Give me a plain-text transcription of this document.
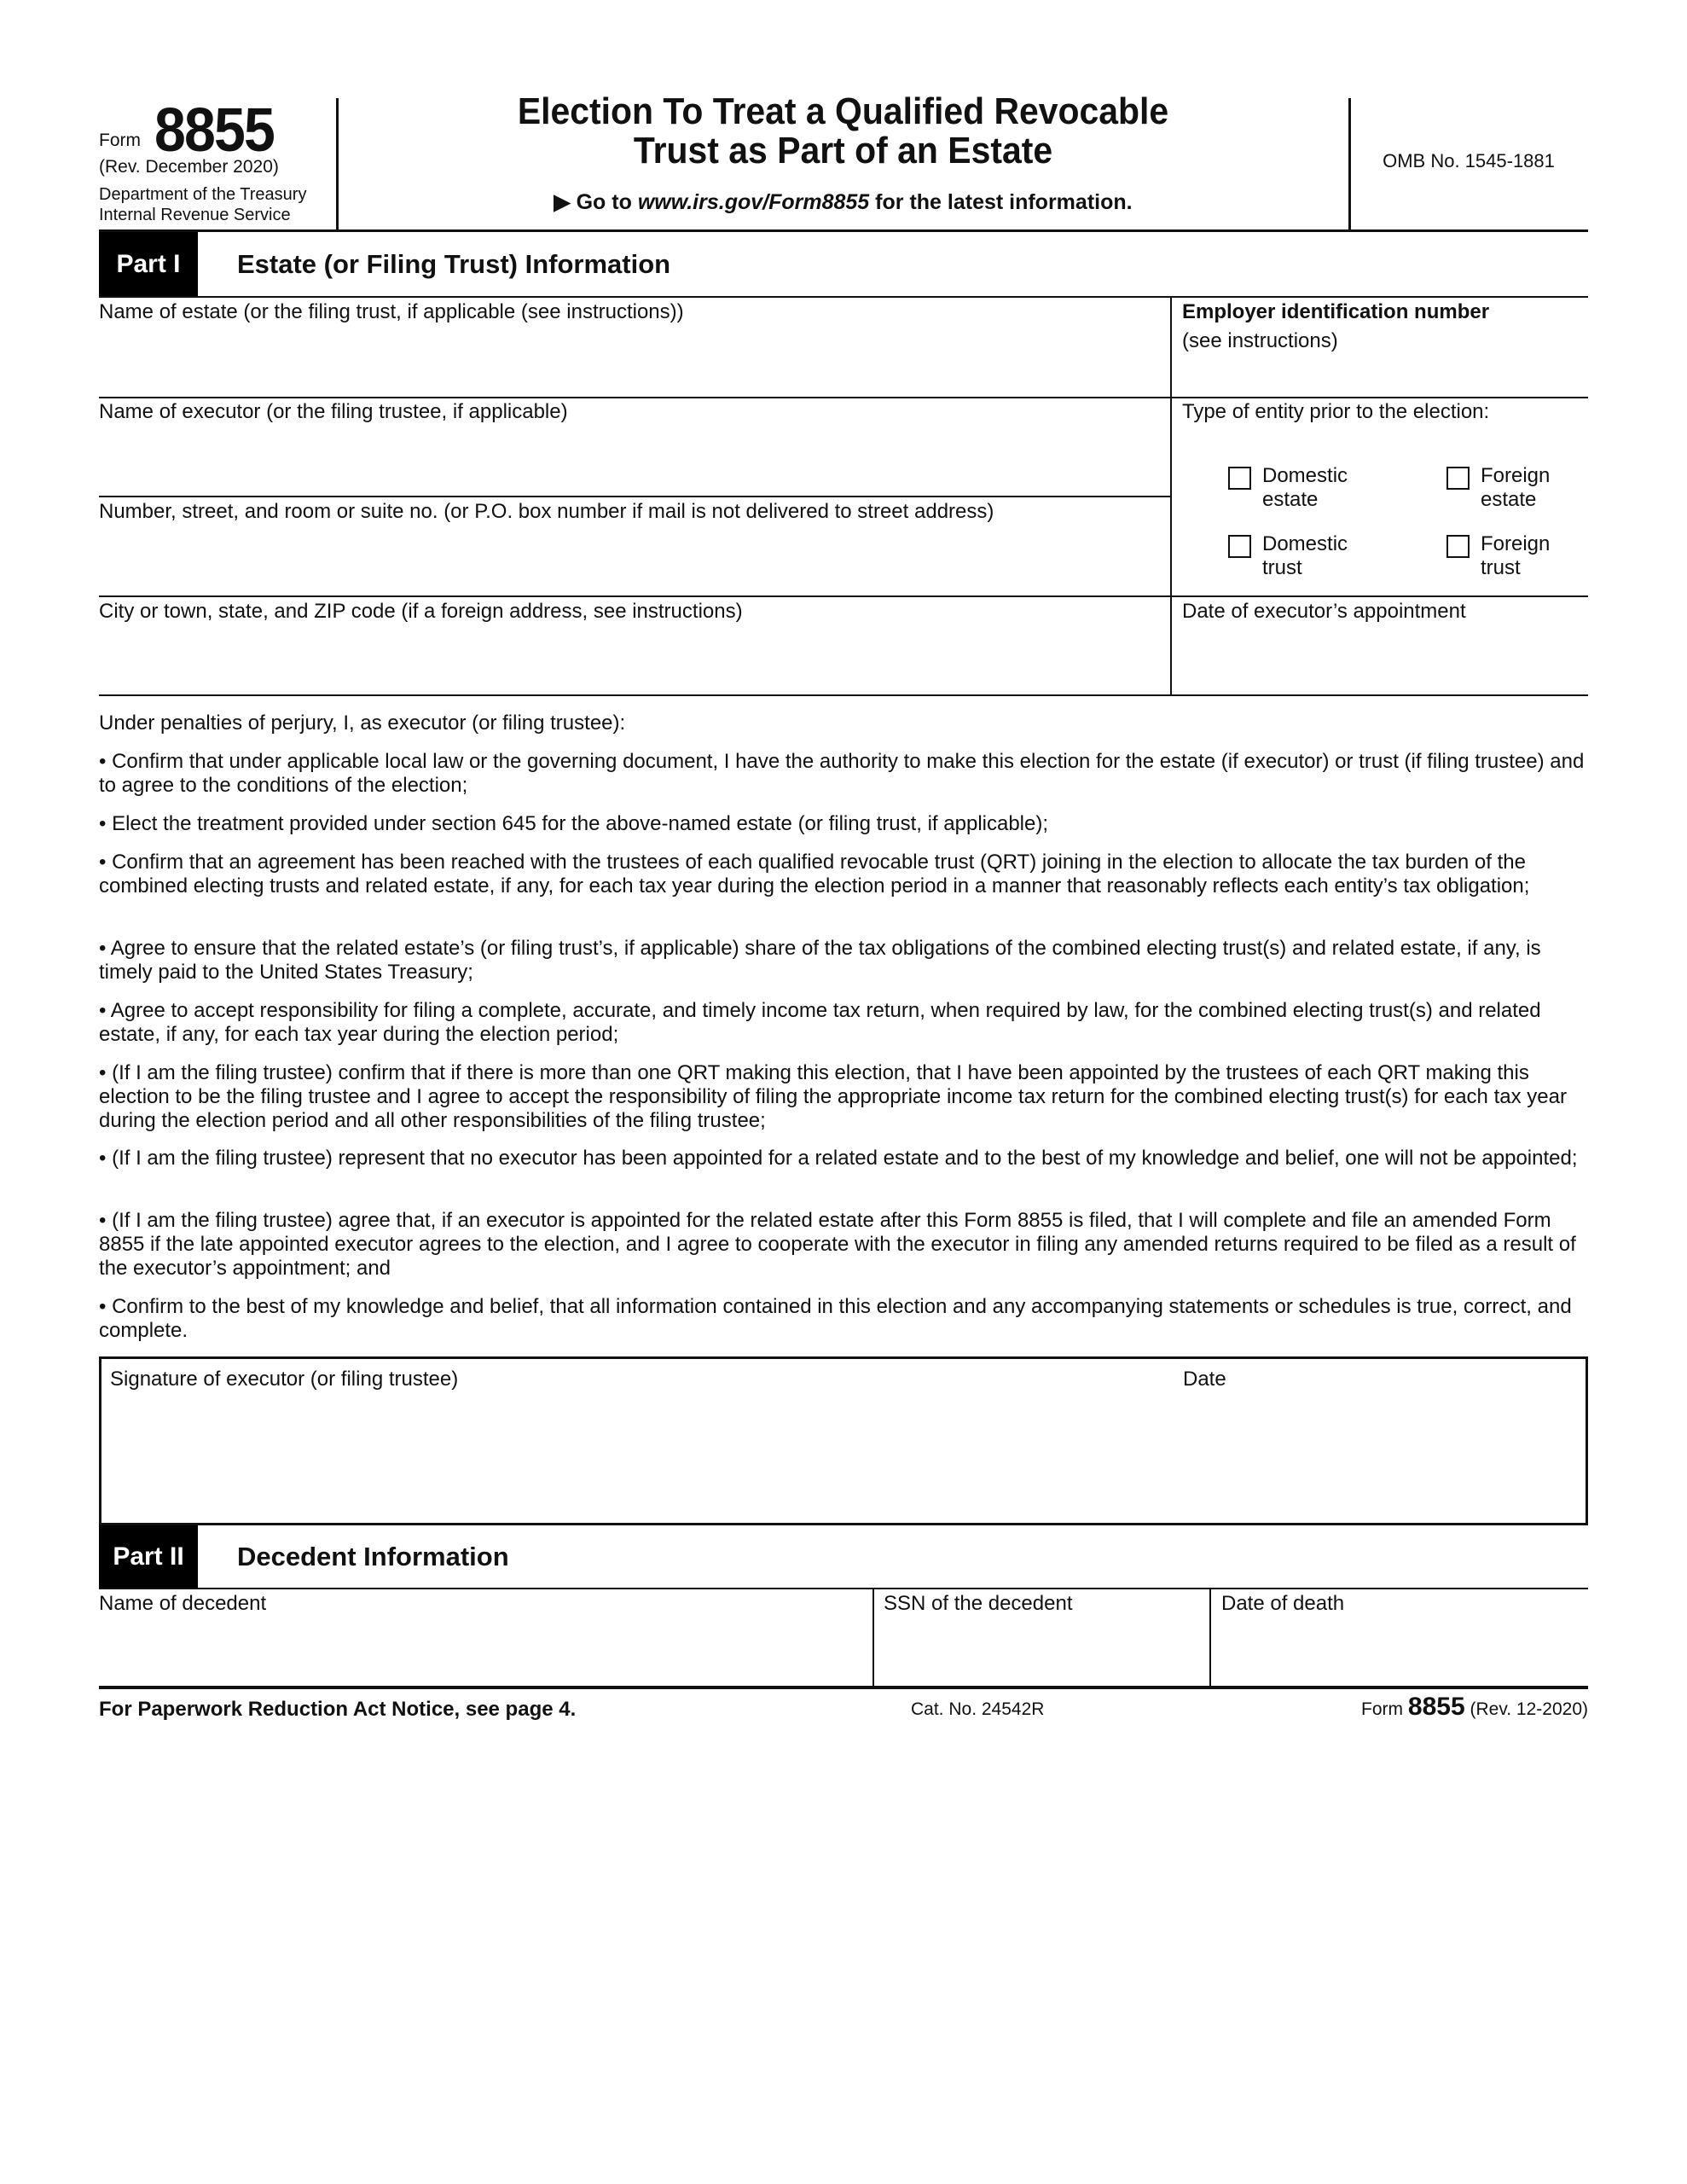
Form 8855
(Rev. December 2020)
Department of the Treasury
Internal Revenue Service
Election To Treat a Qualified Revocable
Trust as Part of an Estate
▶ Go to www.irs.gov/Form8855 for the latest information.
OMB No. 1545-1881
Part I	Estate (or Filing Trust) Information
Name of estate (or the filing trust, if applicable (see instructions))
Name of executor (or the filing trustee, if applicable)
Number, street, and room or suite no. (or P.O. box number if mail is not delivered to street address)
City or town, state, and ZIP code (if a foreign address, see instructions)
Employer identification number
(see instructions)
Type of entity prior to the election:
Domestic
estate
Foreign
estate
Domestic
trust
Foreign
trust
Date of executor’s appointment
Under penalties of perjury, I, as executor (or filing trustee):
• Confirm that under applicable local law or the governing document, I have the authority to make this election for the estate (if executor) or trust (if filing trustee) and to agree to the conditions of the election;
• Elect the treatment provided under section 645 for the above-named estate (or filing trust, if applicable);
• Confirm that an agreement has been reached with the trustees of each qualified revocable trust (QRT) joining in the election to allocate the tax burden of the combined electing trusts and related estate, if any, for each tax year during the election period in a manner that reasonably reflects each entity’s tax obligation;
• Agree to ensure that the related estate’s (or filing trust’s, if applicable) share of the tax obligations of the combined electing trust(s) and related estate, if any, is timely paid to the United States Treasury;
• Agree to accept responsibility for filing a complete, accurate, and timely income tax return, when required by law, for the combined electing trust(s) and related estate, if any, for each tax year during the election period;
• (If I am the filing trustee) confirm that if there is more than one QRT making this election, that I have been appointed by the trustees of each QRT making this election to be the filing trustee and I agree to accept the responsibility of filing the appropriate income tax return for the combined electing trust(s) for each tax year during the election period and all other responsibilities of the filing trustee;
• (If I am the filing trustee) represent that no executor has been appointed for a related estate and to the best of my knowledge and belief, one will not be appointed;
• (If I am the filing trustee) agree that, if an executor is appointed for the related estate after this Form 8855 is filed, that I will complete and file an amended Form 8855 if the late appointed executor agrees to the election, and I agree to cooperate with the executor in filing any amended returns required to be filed as a result of the executor’s appointment; and
• Confirm to the best of my knowledge and belief, that all information contained in this election and any accompanying statements or schedules is true, correct, and complete.
Signature of executor (or filing trustee)	Date
Part II	Decedent Information
Name of decedent	SSN of the decedent	Date of death
For Paperwork Reduction Act Notice, see page 4.	Cat. No. 24542R	Form 8855 (Rev. 12-2020)
